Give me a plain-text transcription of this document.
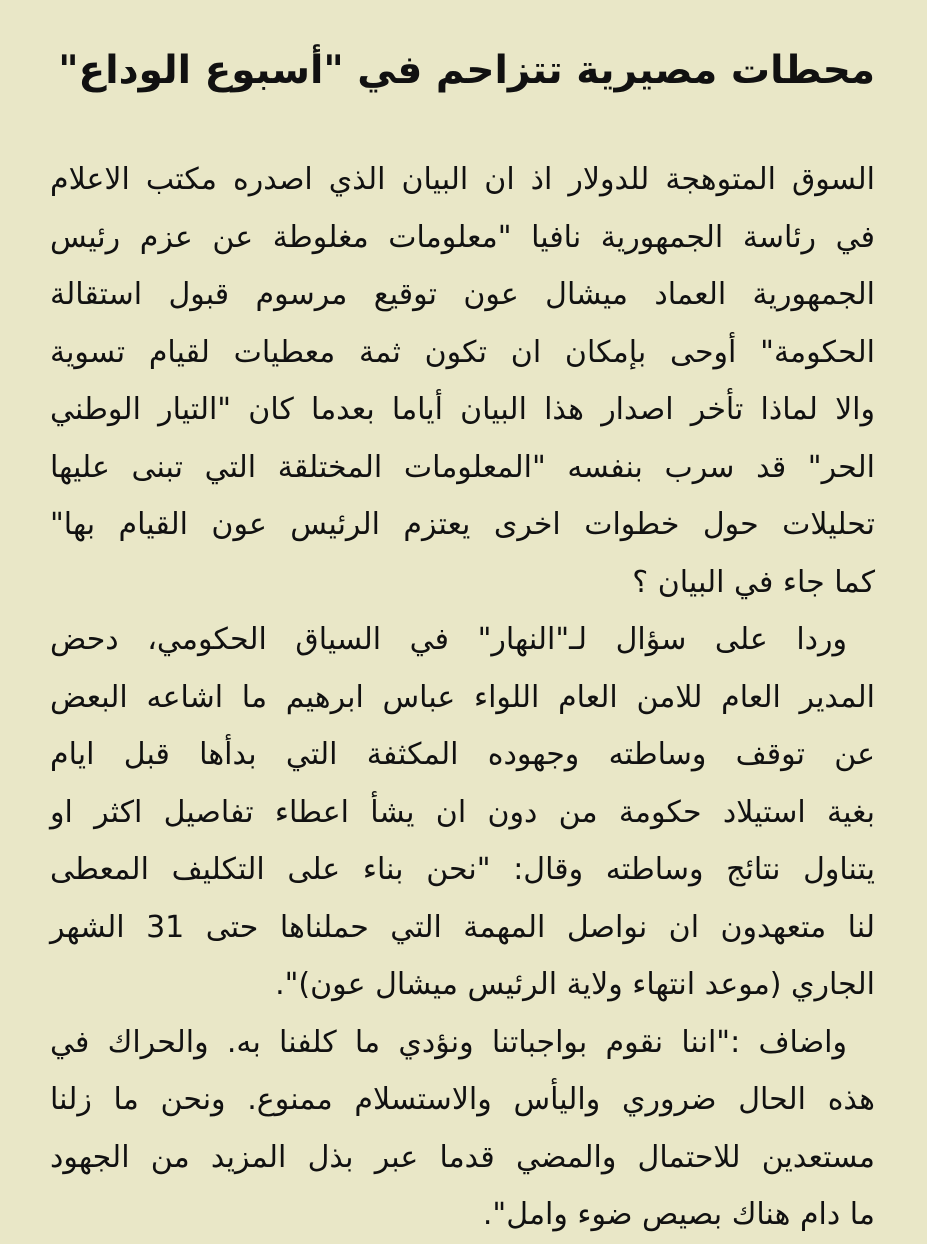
محطات مصيرية تتزاحم في "أسبوع الوداع"
السوق المتوهجة للدولار اذ ان البيان الذي اصدره مكتب الاعلام
في رئاسة الجمهورية نافيا "معلومات مغلوطة عن عزم رئيس
الجمهورية العماد ميشال عون توقيع مرسوم قبول استقالة
الحكومة" أوحى بإمكان ان تكون ثمة معطيات لقيام تسوية
والا لماذا تأخر اصدار هذا البيان أياما بعدما كان "التيار الوطني
الحر" قد سرب بنفسه "المعلومات المختلقة التي تبنى عليها
تحليلات حول خطوات اخرى يعتزم الرئيس عون القيام بها"
كما جاء في البيان ؟
وردا على سؤال لـ"النهار" في السياق الحكومي، دحض
المدير العام للامن العام اللواء عباس ابرهيم ما اشاعه البعض
عن توقف وساطته وجهوده المكثفة التي بدأها قبل ايام
بغية استيلاد حكومة من دون ان يشأ اعطاء تفاصيل اكثر او
يتناول نتائج وساطته وقال: "نحن بناء على التكليف المعطى
لنا متعهدون ان نواصل المهمة التي حملناها حتى 31 الشهر
الجاري (موعد انتهاء ولاية الرئيس ميشال عون)".
واضاف :"اننا نقوم بواجباتنا ونؤدي ما كلفنا به. والحراك في
هذه الحال ضروري واليأس والاستسلام ممنوع. ونحن ما زلنا
مستعدين للاحتمال والمضي قدما عبر بذل المزيد من الجهود
ما دام هناك بصيص ضوء وامل".
